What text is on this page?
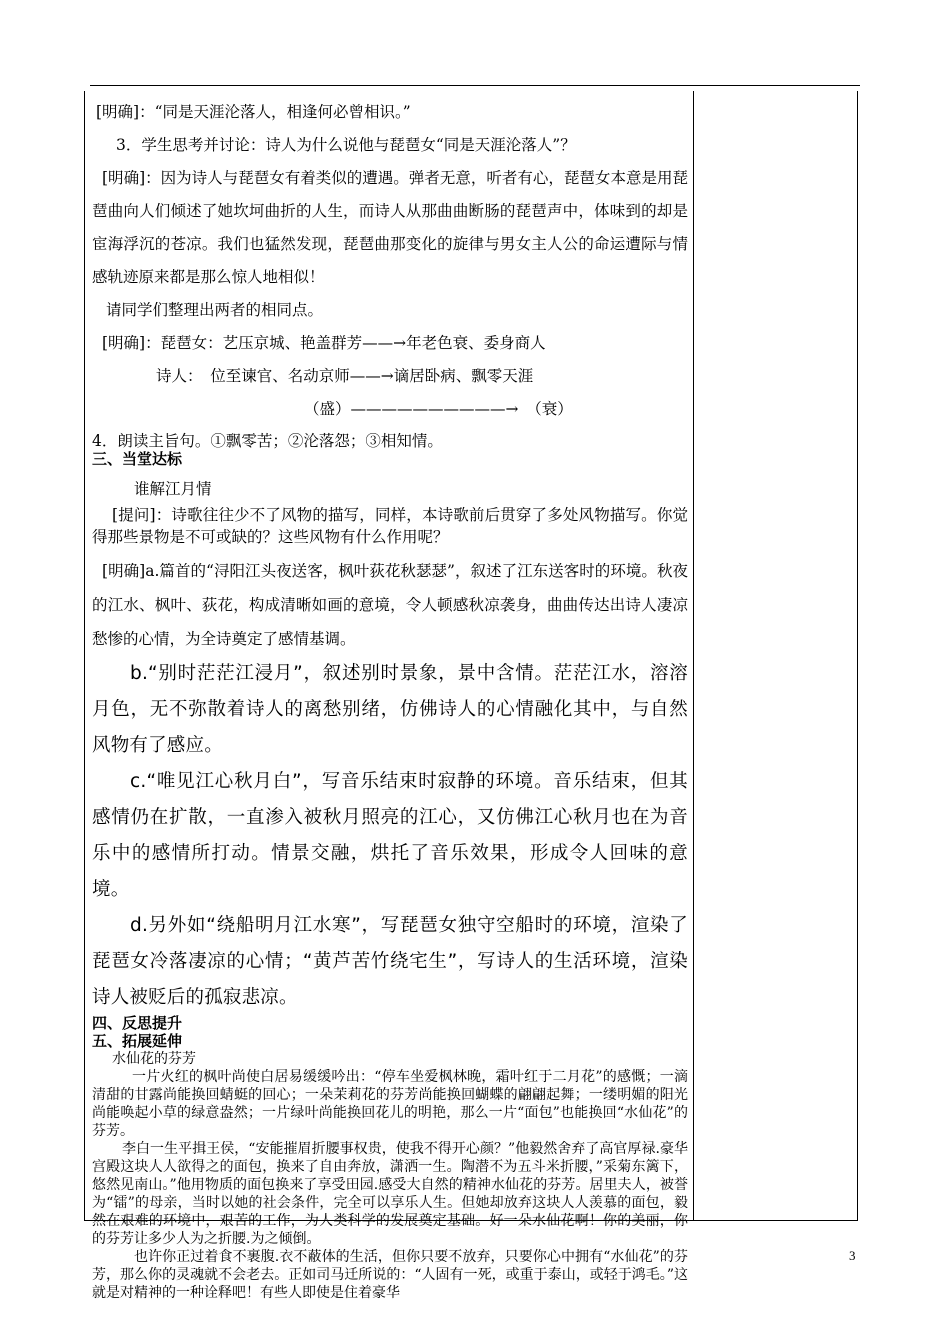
[明确]：“同是天涯沦落人，相逢何必曾相识。”

3．学生思考并讨论：诗人为什么说他与琵琶女“同是天涯沦落人”？

[明确]：因为诗人与琵琶女有着类似的遭遇。弹者无意，听者有心，琵琶女本意是用琵琶曲向人们倾述了她坎坷曲折的人生，而诗人从那曲曲断肠的琵琶声中，体味到的却是宦海浮沉的苍凉。我们也猛然发现，琵琶曲那变化的旋律与男女主人公的命运遭际与情感轨迹原来都是那么惊人地相似！

请同学们整理出两者的相同点。

[明确]：琵琶女：艺压京城、艳盖群芳——→年老色衰、委身商人

诗人：　位至谏官、名动京师——→谪居卧病、飘零天涯

（盛）——————————→　（衰）

4．朗读主旨句。①飘零苦；②沦落怨；③相知情。

三、当堂达标

谁解江月情

[提问]：诗歌往往少不了风物的描写，同样，本诗歌前后贯穿了多处风物描写。你觉得那些景物是不可或缺的？这些风物有什么作用呢？

[明确]a.篇首的“浔阳江头夜送客，枫叶荻花秋瑟瑟”，叙述了江东送客时的环境。秋夜的江水、枫叶、荻花，构成清晰如画的意境，令人顿感秋凉袭身，曲曲传达出诗人凄凉愁惨的心情，为全诗奠定了感情基调。

b.“别时茫茫江浸月”，叙述别时景象，景中含情。茫茫江水，溶溶月色，无不弥散着诗人的离愁别绪，仿佛诗人的心情融化其中，与自然风物有了感应。

c.“唯见江心秋月白”，写音乐结束时寂静的环境。音乐结束，但其感情仍在扩散，一直渗入被秋月照亮的江心，又仿佛江心秋月也在为音乐中的感情所打动。情景交融，烘托了音乐效果，形成令人回味的意境。

d.另外如“绕船明月江水寒”，写琵琶女独守空船时的环境，渲染了琵琶女冷落凄凉的心情；“黄芦苦竹绕宅生”，写诗人的生活环境，渲染诗人被贬后的孤寂悲凉。

四、反思提升

五、拓展延伸

水仙花的芬芳

一片火红的枫叶尚使白居易缓缓吟出：“停车坐爱枫林晚，霜叶红于二月花”的感慨；一滴清甜的甘露尚能换回蜻蜓的回心；一朵茉莉花的芬芳尚能换回蝴蝶的翩翩起舞；一缕明媚的阳光尚能唤起小草的绿意盎然；一片绿叶尚能换回花儿的明艳，那么一片“面包”也能换回“水仙花”的芬芳。

李白一生平揖王侯，“安能摧眉折腰事权贵，使我不得开心颜？”他毅然舍弃了高官厚禄.豪华宫殿这块人人欲得之的面包，换来了自由奔放，潇洒一生。陶潜不为五斗米折腰，”采菊东篱下，悠然见南山。”他用物质的面包换来了享受田园.感受大自然的精神水仙花的芬芳。居里夫人，被誉为“镭”的母亲，当时以她的社会条件，完全可以享乐人生。但她却放弃这块人人羡慕的面包，毅然在艰难的环境中，艰苦的工作，为人类科学的发展奠定基础。好一朵水仙花啊！你的美丽，你的芬芳让多少人为之折腰.为之倾倒。

也许你正过着食不裹腹.衣不蔽体的生活，但你只要不放弃，只要你心中拥有“水仙花”的芬芳，那么你的灵魂就不会老去。正如司马迁所说的：“人固有一死，或重于泰山，或轻于鸿毛。”这就是对精神的一种诠释吧！有些人即使是住着豪华

3
